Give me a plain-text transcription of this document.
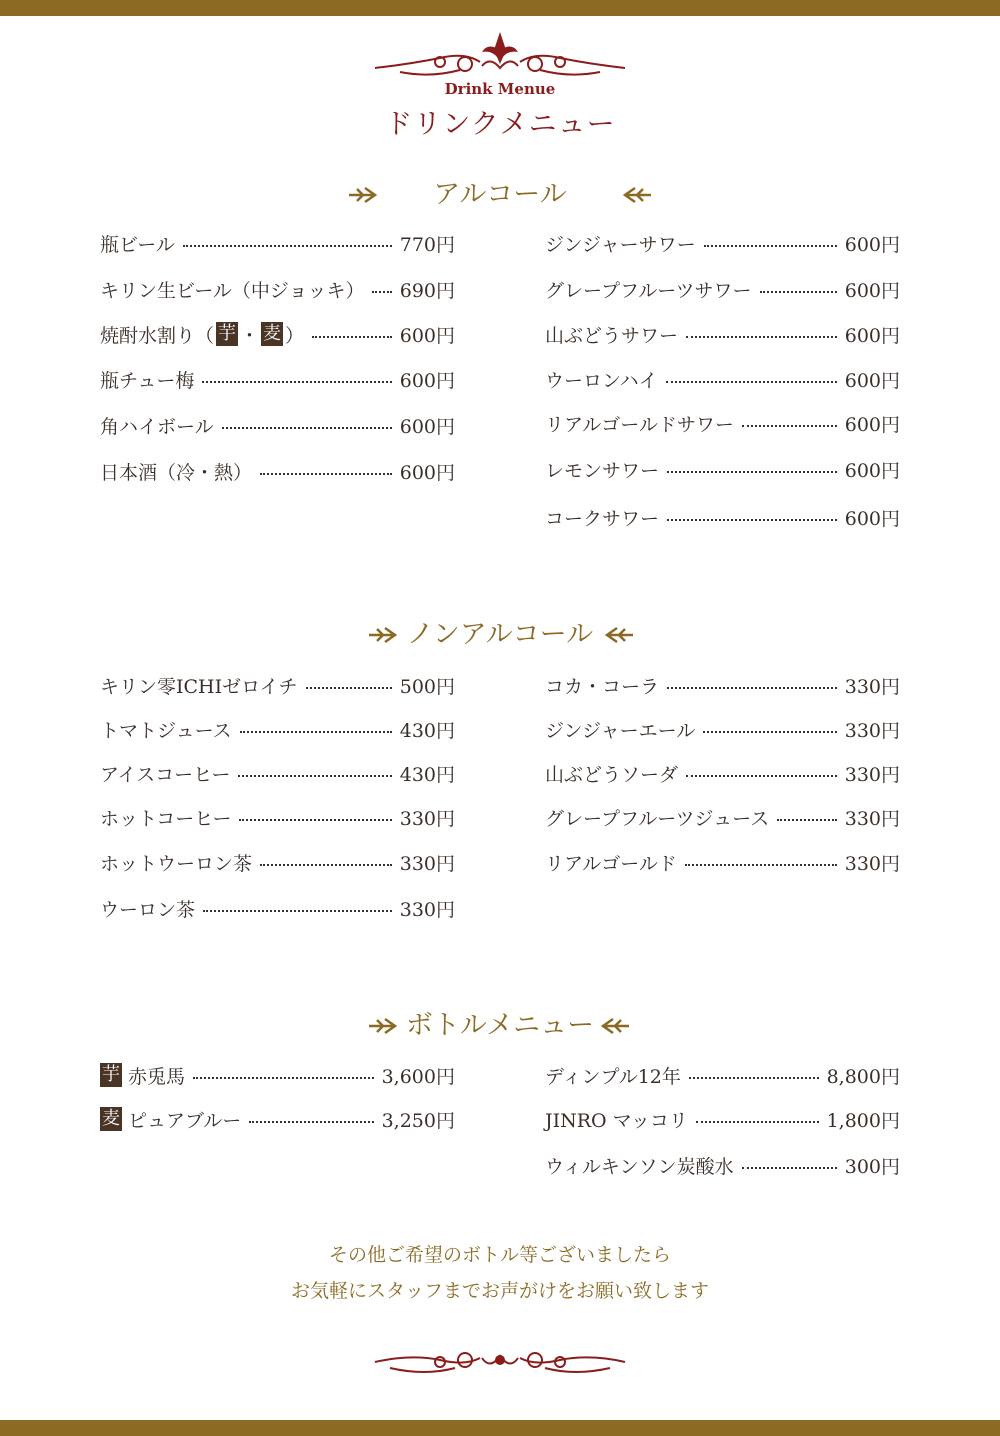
Drink Menue
ドリンクメニュー
アルコール
瓶ビール	770円
キリン生ビール（中ジョッキ） 690円
焼酎水割り（ 芋 ・ 麦 ）	600円
瓶チュー梅	600円
角ハイボール	600円
日本酒（冷・熱）	600円
ジンジャーサワー	600円
グレープフルーツサワー	600円
山ぶどうサワー	600円
ウーロンハイ	600円
リアルゴールドサワー	600円
レモンサワー	600円
コークサワー	600円
ノンアルコール
キリン零ICHIゼロイチ	500円
トマトジュース	430円
アイスコーヒー	430円
ホットコーヒー	330円
ホットウーロン茶	330円
ウーロン茶	330円
コカ・コーラ	330円
ジンジャーエール	330円
山ぶどうソーダ	330円
グレープフルーツジュース	330円
リアルゴールド	330円
ボトルメニュー
芋 赤兎馬	3,600円
麦 ピュアブルー	3,250円
ディンプル12年	8,800円
JINRO マッコリ	1,800円
ウィルキンソン炭酸水	300円
その他ご希望のボトル等ございましたら
お気軽にスタッフまでお声がけをお願い致します
